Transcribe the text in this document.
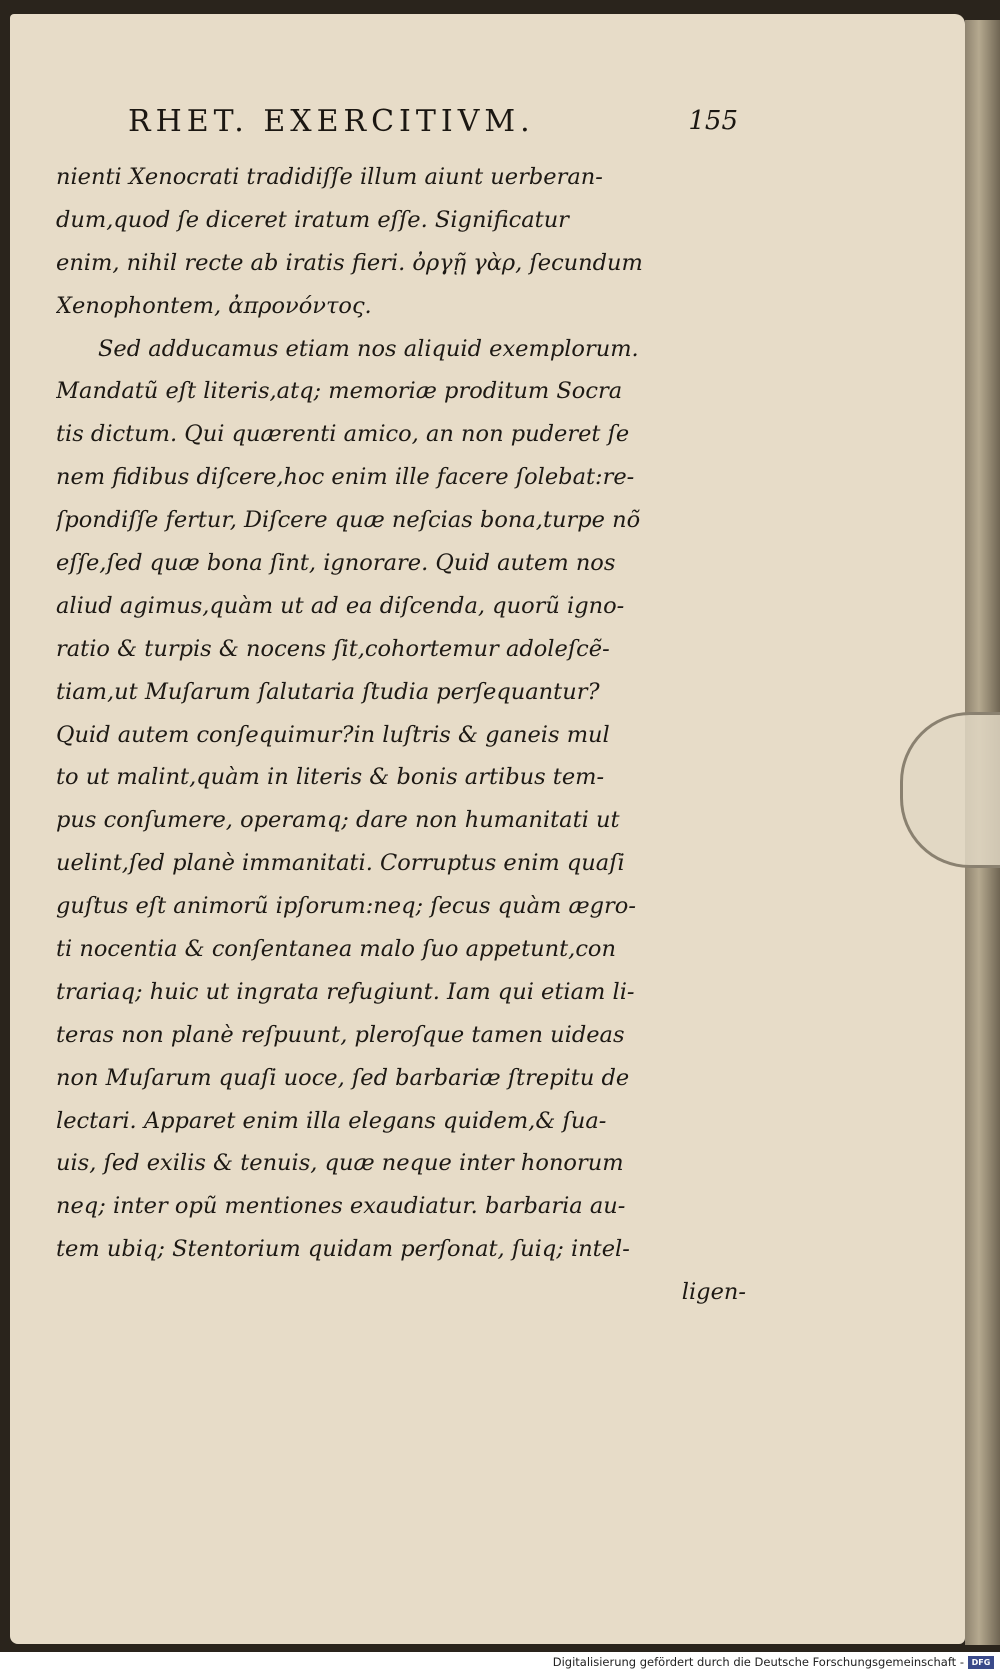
RHET. EXERCITIVM.	155
nienti Xenocrati tradidiſſe illum aiunt uerberan-
dum,quod ſe diceret iratum eſſe. Significatur
enim, nihil recte ab iratis fieri. ὀργῇ γὰρ, ſecundum
Xenophontem, ἀπρονόντος.
Sed adducamus etiam nos aliquid exemplorum.
Mandatũ eſt literis,atq; memoriæ proditum Socra
tis dictum. Qui quærenti amico, an non puderet ſe
nem fidibus diſcere,hoc enim ille facere ſolebat:re-
ſpondiſſe fertur, Diſcere quæ neſcias bona,turpe nõ
eſſe,ſed quæ bona ſint, ignorare. Quid autem nos
aliud agimus,quàm ut ad ea diſcenda, quorũ igno-
ratio & turpis & nocens ſit,cohortemur adoleſcẽ-
tiam,ut Muſarum ſalutaria ſtudia perſequantur?
Quid autem conſequimur?in luſtris & ganeis mul
to ut malint,quàm in literis & bonis artibus tem-
pus conſumere, operamq; dare non humanitati ut
uelint,ſed planè immanitati. Corruptus enim quaſi
guſtus eſt animorũ ipſorum:neq; ſecus quàm ægro-
ti nocentia & conſentanea malo ſuo appetunt,con
trariaq; huic ut ingrata refugiunt. Iam qui etiam li-
teras non planè reſpuunt, pleroſque tamen uideas
non Muſarum quaſi uoce, ſed barbariæ ſtrepitu de
lectari. Apparet enim illa elegans quidem,& ſua-
uis, ſed exilis & tenuis, quæ neque inter honorum
neq; inter opũ mentiones exaudiatur. barbaria au-
tem ubiq; Stentorium quidam perſonat, ſuiq; intel-
ligen-
Digitalisierung gefördert durch die Deutsche Forschungsgemeinschaft - DFG
